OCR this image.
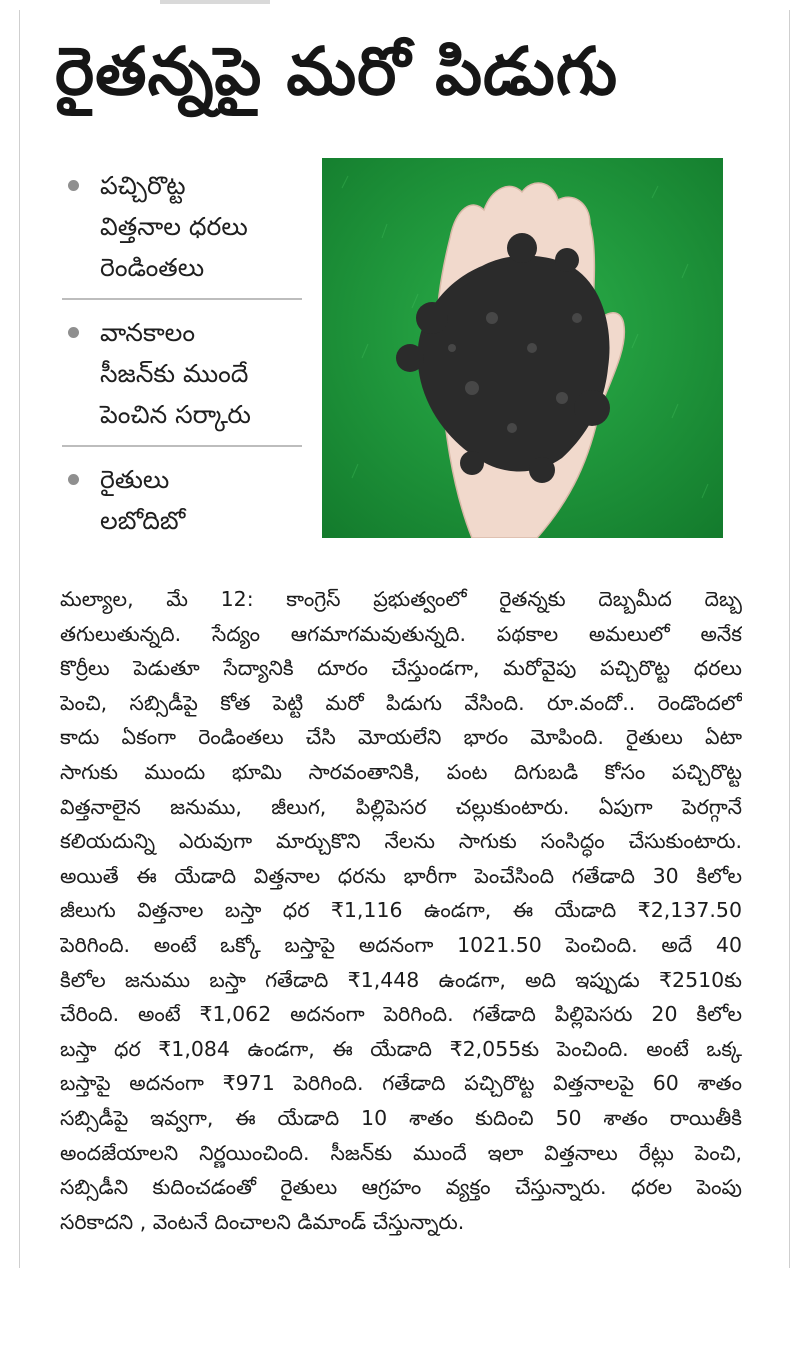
రైతన్నపై మరో పిడుగు
పచ్చిరొట్ట
విత్తనాల ధరలు
రెండింతలు
వానకాలం
సీజన్‌కు ముందే
పెంచిన సర్కారు
రైతులు
లబోదిబో
మల్యాల, మే 12: కాంగ్రెస్ ప్రభుత్వంలో రైతన్నకు దెబ్బమీద దెబ్బ
తగులుతున్నది. సేద్యం ఆగమాగమవుతున్నది. పథకాల అమలులో అనేక
కొర్రీలు పెడుతూ సేద్యానికి దూరం చేస్తుండగా, మరోవైపు పచ్చిరొట్ట ధరలు
పెంచి, సబ్సిడీపై కోత పెట్టి మరో పిడుగు వేసింది. రూ.వందో.. రెండొందలో
కాదు ఏకంగా రెండింతలు చేసి మోయలేని భారం మోపింది. రైతులు ఏటా
సాగుకు ముందు భూమి సారవంతానికి, పంట దిగుబడి కోసం పచ్చిరొట్ట
విత్తనాలైన జనుము, జీలుగ, పిల్లిపెసర చల్లుకుంటారు. ఏపుగా పెరగ్గానే
కలియదున్ని ఎరువుగా మార్చుకొని నేలను సాగుకు సంసిద్ధం చేసుకుంటారు.
అయితే ఈ యేడాది విత్తనాల ధరను భారీగా పెంచేసింది గతేడాది 30 కిలోల
జీలుగు విత్తనాల బస్తా ధర ₹1,116 ఉండగా, ఈ యేడాది ₹2,137.50
పెరిగింది. అంటే ఒక్కో బస్తాపై అదనంగా 1021.50 పెంచింది. అదే 40
కిలోల జనుము బస్తా గతేడాది ₹1,448 ఉండగా, అది ఇప్పుడు ₹2510కు
చేరింది. అంటే ₹1,062 అదనంగా పెరిగింది. గతేడాది పిల్లిపెసరు 20 కిలోల
బస్తా ధర ₹1,084 ఉండగా, ఈ యేడాది ₹2,055కు పెంచింది. అంటే ఒక్క
బస్తాపై అదనంగా ₹971 పెరిగింది. గతేడాది పచ్చిరొట్ట విత్తనాలపై 60 శాతం
సబ్సిడీపై ఇవ్వగా, ఈ యేడాది 10 శాతం కుదించి 50 శాతం రాయితీకి
అందజేయాలని నిర్ణయించింది. సీజన్‌కు ముందే ఇలా విత్తనాలు రేట్లు పెంచి,
సబ్సిడీని కుదించడంతో రైతులు ఆగ్రహం వ్యక్తం చేస్తున్నారు. ధరల పెంపు
సరికాదని , వెంటనే దించాలని డిమాండ్ చేస్తున్నారు.
